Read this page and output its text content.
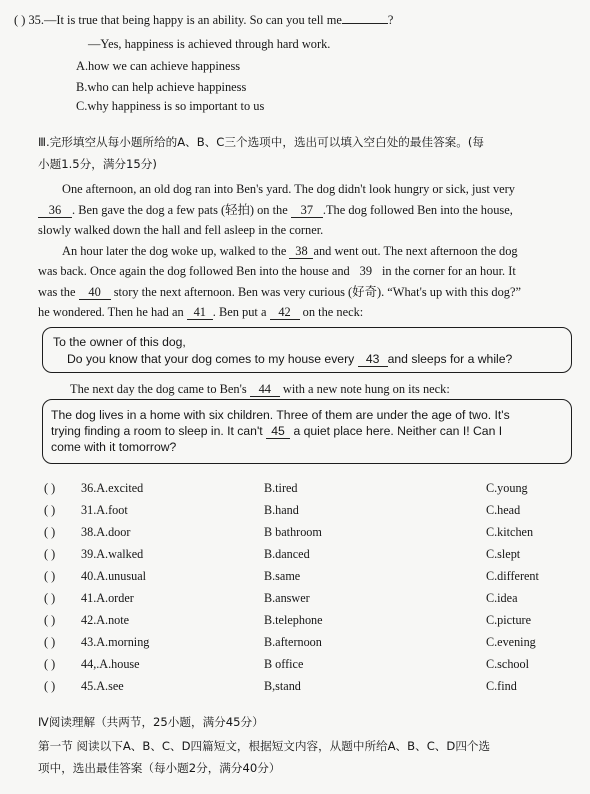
( ) 35.—It is true that being happy is an ability. So can you tell me	?
—Yes, happiness is achieved through hard work.
A.how we can achieve happiness
B.who can help achieve happiness
C.why happiness is so important to us
Ⅲ.完形填空从每小题所给的A、B、C三个选项中，选出可以填入空白处的最佳答案。(每
小题1.5分，满分15分)
One afternoon, an old dog ran into Ben's yard. The dog didn't look hungry or sick, just very
36 . Ben gave the dog a few pats (轻拍) on the 37 .The dog followed Ben into the house,
slowly walked down the hall and fell asleep in the corner.
An hour later the dog woke up, walked to the 38 and went out. The next afternoon the dog
was back. Once again the dog followed Ben into the house and 39 in the corner for an hour. It
was the 40 story the next afternoon. Ben was very curious (好奇). “What's up with this dog?”
he wondered. Then he had an 41 . Ben put a 42 on the neck:
To the owner of this dog,
Do you know that your dog comes to my house every 43 and sleeps for a while?
The next day the dog came to Ben's 44 with a new note hung on its neck:
The dog lives in a home with six children. Three of them are under the age of two. It's
trying finding a room to sleep in. It can't 45 a quiet place here. Neither can I! Can I
come with it tomorrow?
( ) 36.A.excited	B.tired	C.young
( ) 31.A.foot	B.hand	C.head
( ) 38.A.door	B bathroom	C.kitchen
( ) 39.A.walked	B.danced	C.slept
( ) 40.A.unusual	B.same	C.different
( ) 41.A.order	B.answer	C.idea
( ) 42.A.note	B.telephone	C.picture
( ) 43.A.morning	B.afternoon	C.evening
( ) 44,.A.house	B office	C.school
( ) 45.A.see	B,stand	C.find
Ⅳ阅读理解（共两节，25小题，满分45分）
第一节 阅读以下A、B、C、D四篇短文，根据短文内容，从题中所给A、B、C、D四个选
项中，选出最佳答案（每小题2分，满分40分）
